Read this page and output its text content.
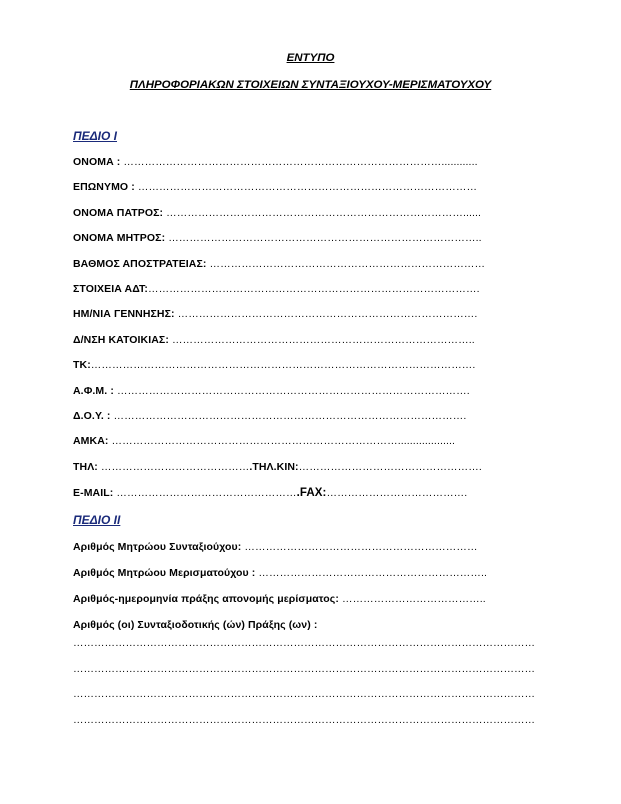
ΕΝΤΥΠΟ
ΠΛΗΡΟΦΟΡΙΑΚΩΝ ΣΤΟΙΧΕΙΩΝ ΣΥΝΤΑΞΙΟΥΧΟΥ-ΜΕΡΙΣΜΑΤΟΥΧΟΥ
ΠΕΔΙΟ Ι
ΟΝΟΜΑ : ………………………………………………………………………………............
ΕΠΩΝΥΜΟ : ……………………………………………………………………………………
ΟΝΟΜΑ ΠΑΤΡΟΣ: …………………………………………………………………………......
ΟΝΟΜΑ ΜΗΤΡΟΣ: ……………………………………………………………………………..
ΒΑΘΜΟΣ ΑΠΟΣΤΡΑΤΕΙΑΣ: ……………………………………………………………………
ΣΤΟΙΧΕΙΑ ΑΔΤ:………………………………………………………………………………….
ΗΜ/ΝΙΑ ΓΕΝΝΗΣΗΣ: ………………………………………………………………………….
Δ/ΝΣΗ ΚΑΤΟΙΚΙΑΣ: …………………………………………………………………………..
ΤΚ:……………………………………………………………………………………………….
Α.Φ.Μ. : ……………………………………………………………………………………….
Δ.Ο.Υ. : ……………………………………………………………………………………….
ΑΜΚΑ: ………………………………………………………………………...................
ΤΗΛ: …………………………………….ΤΗΛ.ΚΙΝ:…………………………………………….
E-MAIL: …………………………………………….FAX:………………………………….
ΠΕΔΙΟ ΙΙ
Αριθμός Μητρώου Συνταξιούχου: …………………………………………………………
Αριθμός Μητρώου Μερισματούχου : ………………………………………………………..
Αριθμός-ημερομηνία πράξης απονομής μερίσματος: …………………………………..
Αριθμός (οι) Συνταξιοδοτικής (ών) Πράξης (ων) :
……………………………………………………………………………………………………………………
……………………………………………………………………………………………………………………
……………………………………………………………………………………………………………………
……………………………………………………………………………………………………………………
